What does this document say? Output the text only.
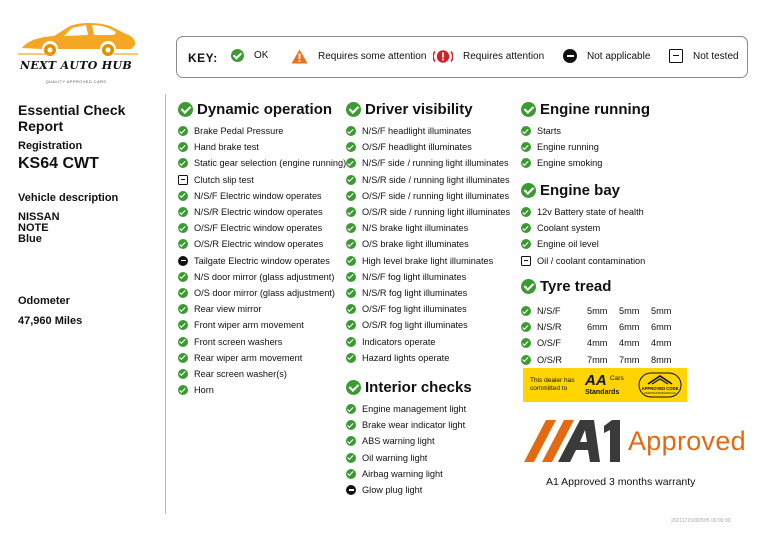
NEXT AUTO HUB
QUALITY APPROVED CARS
KEY:	OK	Requires some attention	Requires attention	Not applicable	Not tested
Essential Check Report
Registration
KS64 CWT
Vehicle description
NISSAN
NOTE
Blue
Odometer
47,960 Miles
Dynamic operation
Brake Pedal Pressure
Hand brake test
Static gear selection (engine running)
Clutch slip test
N/S/F Electric window operates
N/S/R Electric window operates
O/S/F Electric window operates
O/S/R Electric window operates
Tailgate Electric window operates
N/S door mirror (glass adjustment)
O/S door mirror (glass adjustment)
Rear view mirror
Front wiper arm movement
Front screen washers
Rear wiper arm movement
Rear screen washer(s)
Horn
Driver visibility
N/S/F headlight illuminates
O/S/F headlight illuminates
N/S/F side / running light illuminates
N/S/R side / running light illuminates
O/S/F side / running light illuminates
O/S/R side / running light illuminates
N/S brake light illuminates
O/S brake light illuminates
High level brake light illuminates
N/S/F fog light illuminates
N/S/R fog light illuminates
O/S/F fog light illuminates
O/S/R fog light illuminates
Indicators operate
Hazard lights operate
Interior checks
Engine management light
Brake wear indicator light
ABS warning light
Oil warning light
Airbag warning light
Glow plug light
Engine running
Starts
Engine running
Engine smoking
Engine bay
12v Battery state of health
Coolant system
Engine oil level
Oil / coolant contamination
Tyre tread
N/S/F	5mm	5mm	5mm
N/S/R	6mm	6mm	6mm
O/S/F	4mm	4mm	4mm
O/S/R	7mm	7mm	8mm
This dealer has
committed to	AA Cars
Standards
APPROVED CODE
TRADINGSTANDARDS.UK
Approved
A1 Approved 3 months warranty
20211715090505 09:09:30
